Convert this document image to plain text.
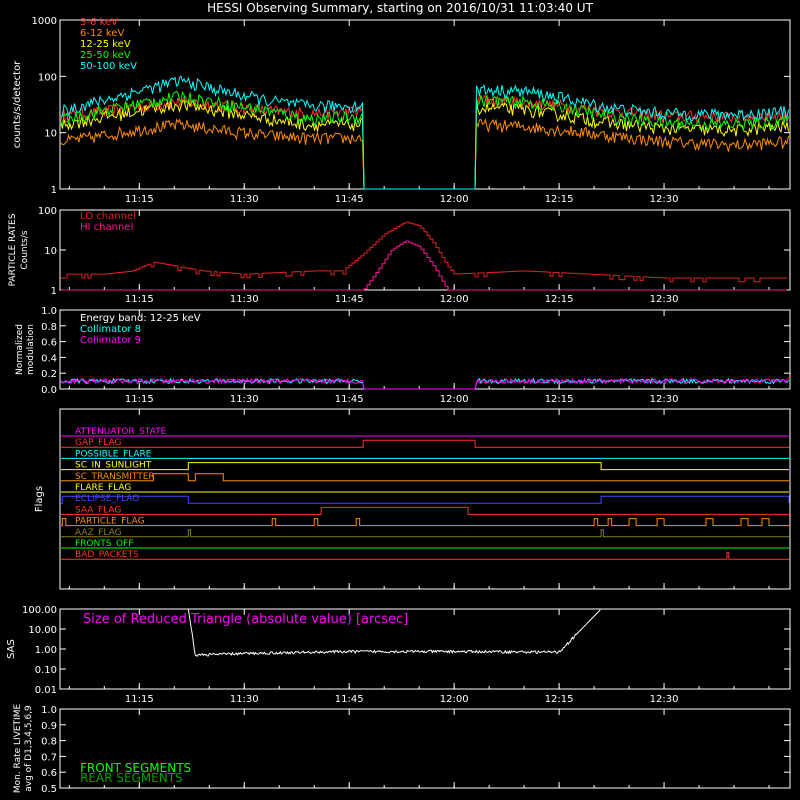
HESSI Observing Summary, starting on 2016/10/31 11:03:40 UT
11:15	11:30	11:45	12:00	12:15	12:30
1
10
100
1000
counts/s/detector
3-6 keV
6-12 keV
12-25 keV
25-50 keV
50-100 keV
11:15	11:30	11:45	12:00	12:15	12:30
1
10
100
PARTICLE RATES Counts/s
LO channel
HI channel
11:15	11:30	11:45	12:00	12:15	12:30
0.0
0.2
0.4
0.6
0.8
1.0
Normalized modulation
Energy band: 12-25 keV
Collimator 8
Collimator 9
Flags
ATTENUATOR_STATE
GAP_FLAG
POSSIBLE_FLARE
SC_IN_SUNLIGHT
SC_TRANSMITTER
FLARE_FLAG
ECLIPSE_FLAG
SAA_FLAG
PARTICLE_FLAG
AAZ_FLAG
FRONTS_OFF
BAD_PACKETS
11:15	11:30	11:45	12:00	12:15	12:30
0.01
0.10
1.00
10.00
100.00
SAS
Size of Reduced Triangle (absolute value) [arcsec]
0.5
0.6
0.7
0.8
0.9
1.0
Mon. Rate LIVETIME avg of D1,3,4,5,6,9	FRONT SEGMENTS
REAR SEGMENTS
